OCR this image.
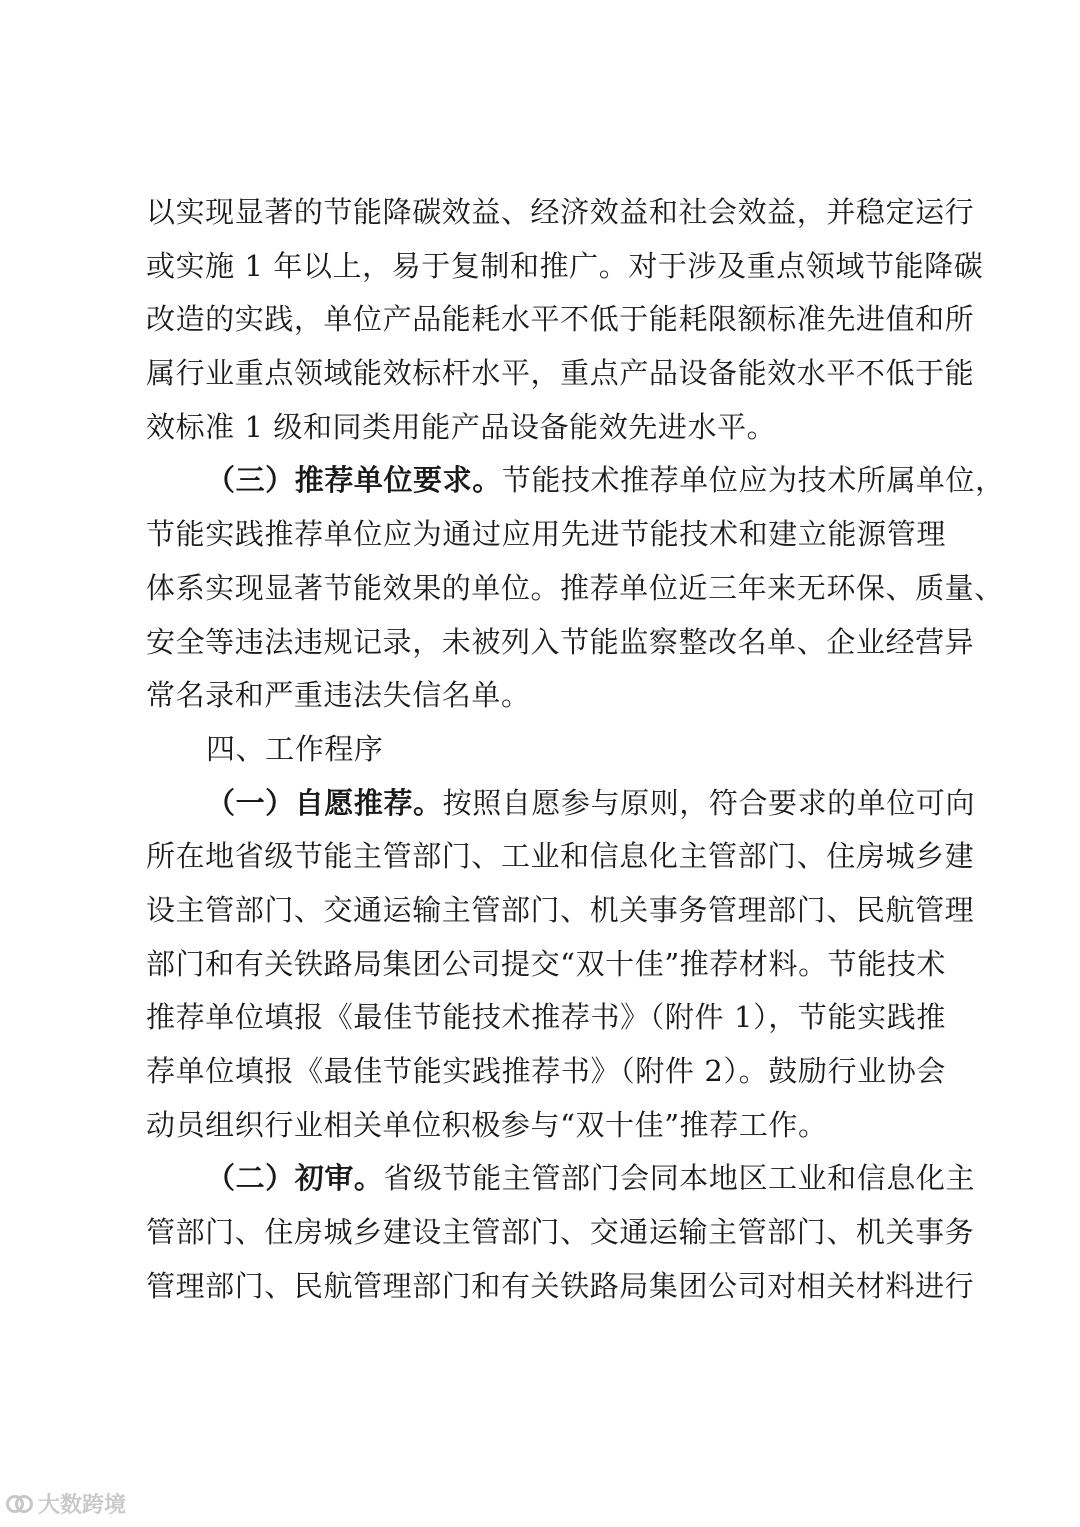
以实现显著的节能降碳效益、经济效益和社会效益，并稳定运行
或实施 1 年以上，易于复制和推广。对于涉及重点领域节能降碳
改造的实践，单位产品能耗水平不低于能耗限额标准先进值和所
属行业重点领域能效标杆水平，重点产品设备能效水平不低于能
效标准 1 级和同类用能产品设备能效先进水平。
（三）推荐单位要求。节能技术推荐单位应为技术所属单位，
节能实践推荐单位应为通过应用先进节能技术和建立能源管理
体系实现显著节能效果的单位。推荐单位近三年来无环保、质量、
安全等违法违规记录，未被列入节能监察整改名单、企业经营异
常名录和严重违法失信名单。
四、工作程序
（一）自愿推荐。按照自愿参与原则，符合要求的单位可向
所在地省级节能主管部门、工业和信息化主管部门、住房城乡建
设主管部门、交通运输主管部门、机关事务管理部门、民航管理
部门和有关铁路局集团公司提交“双十佳”推荐材料。节能技术
推荐单位填报《最佳节能技术推荐书》（附件 1），节能实践推
荐单位填报《最佳节能实践推荐书》（附件 2）。鼓励行业协会
动员组织行业相关单位积极参与“双十佳”推荐工作。
（二）初审。省级节能主管部门会同本地区工业和信息化主
管部门、住房城乡建设主管部门、交通运输主管部门、机关事务
管理部门、民航管理部门和有关铁路局集团公司对相关材料进行
大数跨境
